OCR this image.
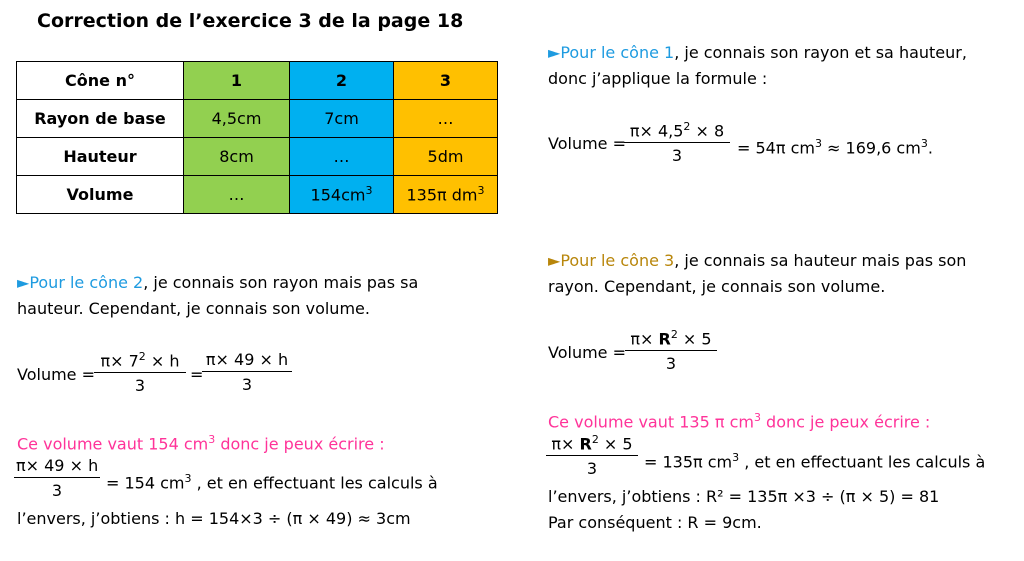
Correction de l’exercice 3 de la page 18
Cône n°	1	2	3
Rayon de base	4,5cm	7cm	…
Hauteur	8cm	…	5dm
Volume	…	$154cm^3$	135π $dm^3$
►Pour le cône 1, je connais son rayon et sa hauteur,
donc j’applique la formule :
Volume =
$\frac{\pi\times 4,5^2 \times 8}{3} = 54\pi$ $cm^3 \approx 169,6$ $cm^3$.
►Pour le cône 2, je connais son rayon mais pas sa
hauteur. Cependant, je connais son volume.
Volume = $\frac{\pi\times 7^2 \times h}{3}$ =
$\frac{\pi\times 49 \times h}{3}$
Ce volume vaut 154 $cm^3$ donc je peux écrire :
$\frac{\pi\times 49 \times h}{3} = 154$ $cm^3$ , et en effectuant les calculs à
l’envers, j’obtiens : h = 154×3 ÷ (π × 49) ≈ 3cm
►Pour le cône 3, je connais sa hauteur mais pas son
rayon. Cependant, je connais son volume.
Volume = $\frac{\pi\times R^2 \times 5}{3}$
Ce volume vaut 135 π $cm^3$ donc je peux écrire :
$\frac{\pi\times R^2 \times 5}{3} = 135\pi$ $cm^3$ , et en effectuant les calculs à
l’envers, j’obtiens : R² = 135π ×3 ÷ (π × 5) = 81
Par conséquent : R = 9cm.
